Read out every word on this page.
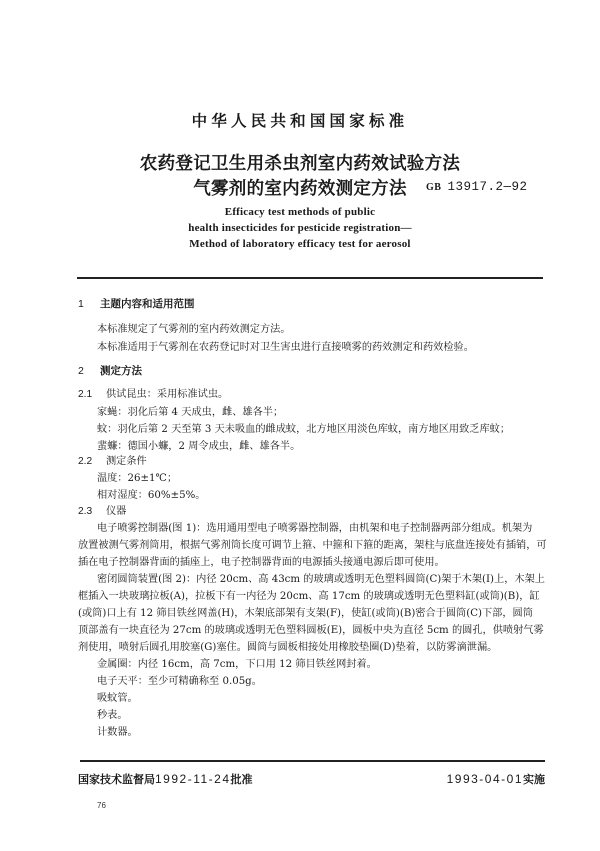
中华人民共和国国家标准
农药登记卫生用杀虫剂室内药效试验方法
气雾剂的室内药效测定方法	GB 13917.2—92
Efficacy test methods of public
health insecticides for pesticide registration—
Method of laboratory efficacy test for aerosol
1 主题内容和适用范围
本标准规定了气雾剂的室内药效测定方法。
本标准适用于气雾剂在农药登记时对卫生害虫进行直接喷雾的药效测定和药效检验。
2 测定方法
2.1 供试昆虫：采用标准试虫。
家蝇：羽化后第 4 天成虫，雌、雄各半；
蚊：羽化后第 2 天至第 3 天未吸血的雌成蚊，北方地区用淡色库蚊，南方地区用致乏库蚊；
蜚蠊：德国小蠊，2 周令成虫，雌、雄各半。
2.2 测定条件
温度：26±1℃；
相对湿度：60%±5%。
2.3 仪器
电子喷雾控制器(图 1)：选用通用型电子喷雾器控制器，由机架和电子控制器两部分组成。机架为
放置被测气雾剂筒用，根据气雾剂筒长度可调节上箍、中箍和下箍的距离，架柱与底盘连接处有插销，可
插在电子控制器背面的插座上，电子控制器背面的电源插头接通电源后即可使用。
密闭圆筒装置(图 2)：内径 20cm、高 43cm 的玻璃或透明无色塑料圆筒(C)架于木架(I)上，木架上
框插入一块玻璃拉板(A)，拉板下有一内径为 20cm、高 17cm 的玻璃或透明无色塑料缸(或筒)(B)，缸
(或筒)口上有 12 筛目铁丝网盖(H)，木架底部架有支架(F)，使缸(或筒)(B)密合于圆筒(C)下部，圆筒
顶部盖有一块直径为 27cm 的玻璃或透明无色塑料圆板(E)，圆板中央为直径 5cm 的圆孔，供喷射气雾
剂使用，喷射后圆孔用胶塞(G)塞住。圆筒与圆板相接处用橡胶垫圈(D)垫着，以防雾滴泄漏。
金属圈：内径 16cm，高 7cm，下口用 12 筛目铁丝网封着。
电子天平：至少可精确称至 0.05g。
吸蚊管。
秒表。
计数器。
国家技术监督局1992-11-24批准	1993-04-01实施
76
